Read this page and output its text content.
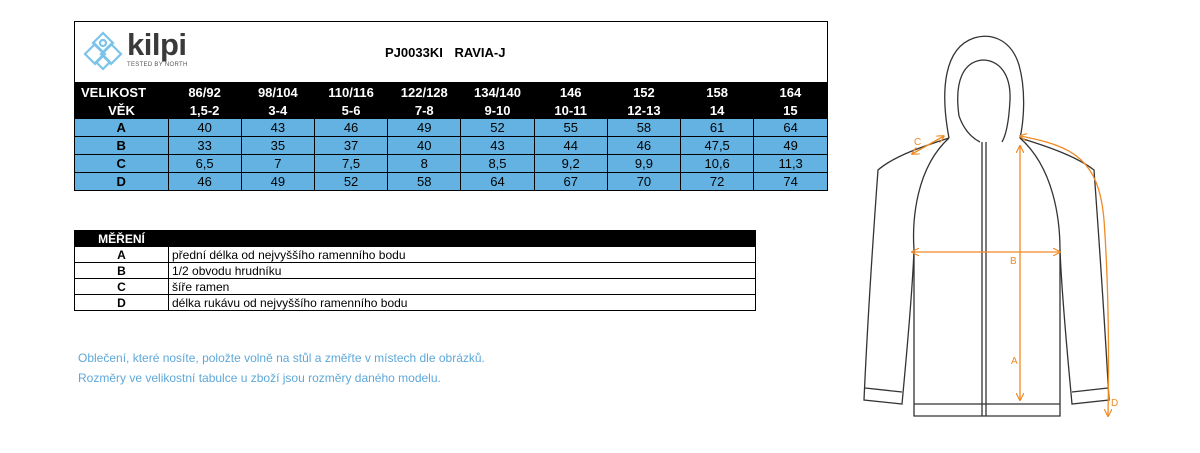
kilpi
TESTED BY NORTH
PJ0033KI RAVIA-J
VELIKOST	86/92	98/104	110/116	122/128	134/140	146	152	158	164
VĚK	1,5-2	3-4	5-6	7-8	9-10	10-11	12-13	14	15
A	40	43	46	49	52	55	58	61	64
B	33	35	37	40	43	44	46	47,5	49
C	6,5	7	7,5	8	8,5	9,2	9,9	10,6	11,3
D	46	49	52	58	64	67	70	72	74
MĚŘENÍ	
A	přední délka od nejvyššího ramenního bodu
B	1/2 obvodu hrudníku
C	šíře ramen
D	délka rukávu od nejvyššího ramenního bodu
Oblečení, které nosíte, položte volně na stůl a změřte v místech dle obrázků.
Rozměry ve velikostní tabulce u zboží jsou rozměry daného modelu.
B
A
C
D
